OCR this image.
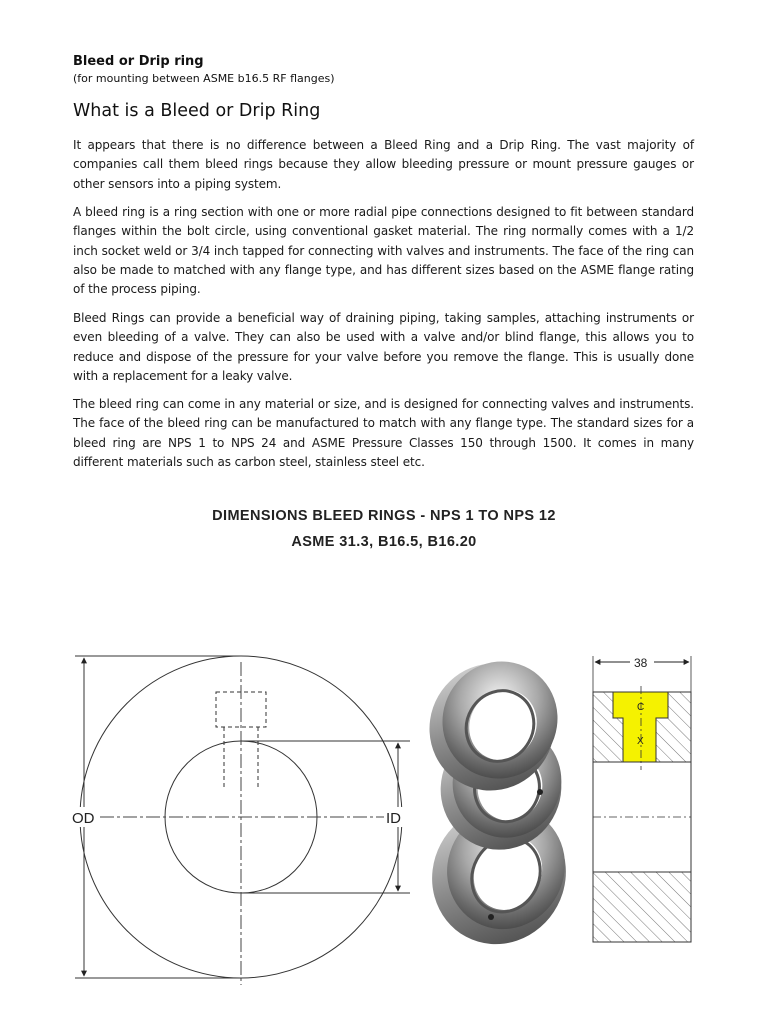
Bleed or Drip ring
(for mounting between ASME b16.5 RF flanges)
What is a Bleed or Drip Ring

It appears that there is no difference between a Bleed Ring and a Drip Ring. The vast majority of companies call them bleed rings because they allow bleeding pressure or mount pressure gauges or other sensors into a piping system.

A bleed ring is a ring section with one or more radial pipe connections designed to fit between standard flanges within the bolt circle, using conventional gasket material. The ring normally comes with a 1/2 inch socket weld or 3/4 inch tapped for connecting with valves and instruments. The face of the ring can also be made to matched with any flange type, and has different sizes based on the ASME flange rating of the process piping.

Bleed Rings can provide a beneficial way of draining piping, taking samples, attaching instruments or even bleeding of a valve. They can also be used with a valve and/or blind flange, this allows you to reduce and dispose of the pressure for your valve before you remove the flange. This is usually done with a replacement for a leaky valve.

The bleed ring can come in any material or size, and is designed for connecting valves and instruments. The face of the bleed ring can be manufactured to match with any flange type. The standard sizes for a bleed ring are NPS 1 to NPS 24 and ASME Pressure Classes 150 through 1500. It comes in many different materials such as carbon steel, stainless steel etc.

DIMENSIONS BLEED RINGS - NPS 1 TO NPS 12
ASME 31.3, B16.5, B16.20
OD	ID
38
C
X
